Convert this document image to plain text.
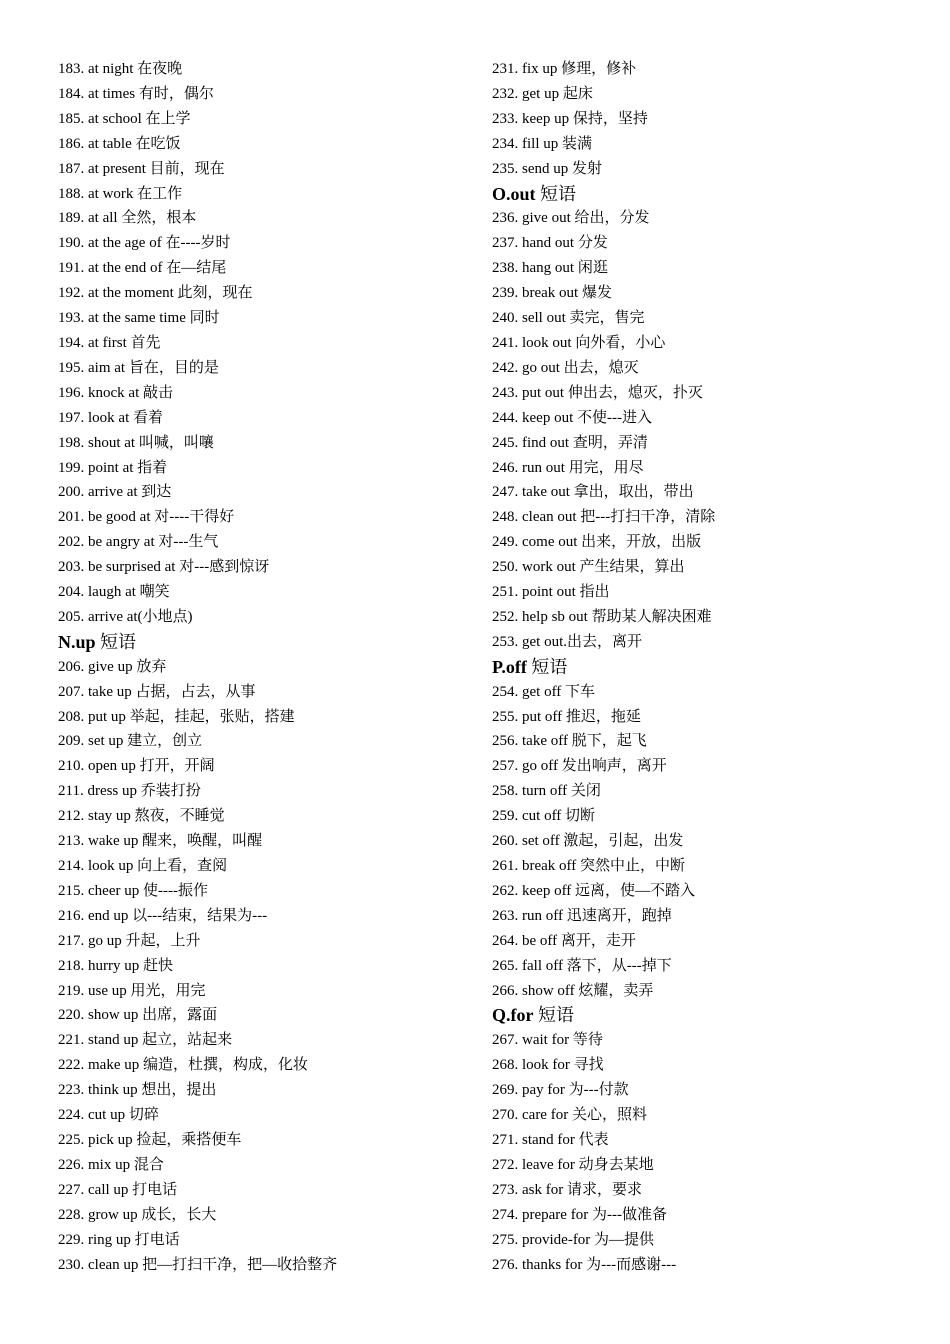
183. at night 在夜晚
184. at times 有时，偶尔
185. at school 在上学
186. at table 在吃饭
187. at present 目前，现在
188. at work 在工作
189. at all 全然，根本
190. at the age of 在----岁时
191. at the end of 在—结尾
192. at the moment 此刻，现在
193. at the same time 同时
194. at first 首先
195. aim at 旨在，目的是
196. knock at 敲击
197. look at 看着
198. shout at 叫喊，叫嚷
199. point at 指着
200. arrive at 到达
201. be good at 对----干得好
202. be angry at 对---生气
203. be surprised at 对---感到惊讶
204. laugh at 嘲笑
205. arrive at(小地点)
N.up 短语
206. give up 放弃
207. take up 占据，占去，从事
208. put up 举起，挂起，张贴，搭建
209. set up 建立，创立
210. open up 打开，开阔
211. dress up 乔装打扮
212. stay up 熬夜，不睡觉
213. wake up 醒来，唤醒，叫醒
214. look up 向上看，查阅
215. cheer up 使----振作
216. end up 以---结束，结果为---
217. go up 升起，上升
218. hurry up 赶快
219. use up 用光，用完
220. show up 出席，露面
221. stand up 起立，站起来
222. make up 编造，杜撰，构成，化妆
223. think up 想出，提出
224. cut up 切碎
225. pick up 捡起，乘搭便车
226. mix up 混合
227. call up 打电话
228. grow up 成长，长大
229. ring up 打电话
230. clean up 把—打扫干净，把—收拾整齐
231. fix up 修理，修补
232. get up 起床
233. keep up 保持，坚持
234. fill up 装满
235. send up 发射
O.out 短语
236. give out 给出，分发
237. hand out 分发
238. hang out 闲逛
239. break out 爆发
240. sell out 卖完，售完
241. look out 向外看，小心
242. go out 出去，熄灭
243. put out 伸出去，熄灭，扑灭
244. keep out 不使---进入
245. find out 查明，弄清
246. run out 用完，用尽
247. take out 拿出，取出，带出
248. clean out 把---打扫干净，清除
249. come out 出来，开放，出版
250. work out 产生结果，算出
251. point out 指出
252. help sb out 帮助某人解决困难
253. get out.出去，离开
P.off 短语
254. get off 下车
255. put off 推迟，拖延
256. take off 脱下，起飞
257. go off 发出响声，离开
258. turn off 关闭
259. cut off 切断
260. set off 激起，引起，出发
261. break off 突然中止，中断
262. keep off 远离，使—不踏入
263. run off 迅速离开，跑掉
264. be off 离开，走开
265. fall off 落下，从---掉下
266. show off 炫耀，卖弄
Q.for 短语
267. wait for 等待
268. look for 寻找
269. pay for 为---付款
270. care for 关心，照料
271. stand for 代表
272. leave for 动身去某地
273. ask for 请求，要求
274. prepare for 为---做准备
275. provide-for 为—提供
276. thanks for 为---而感谢---
